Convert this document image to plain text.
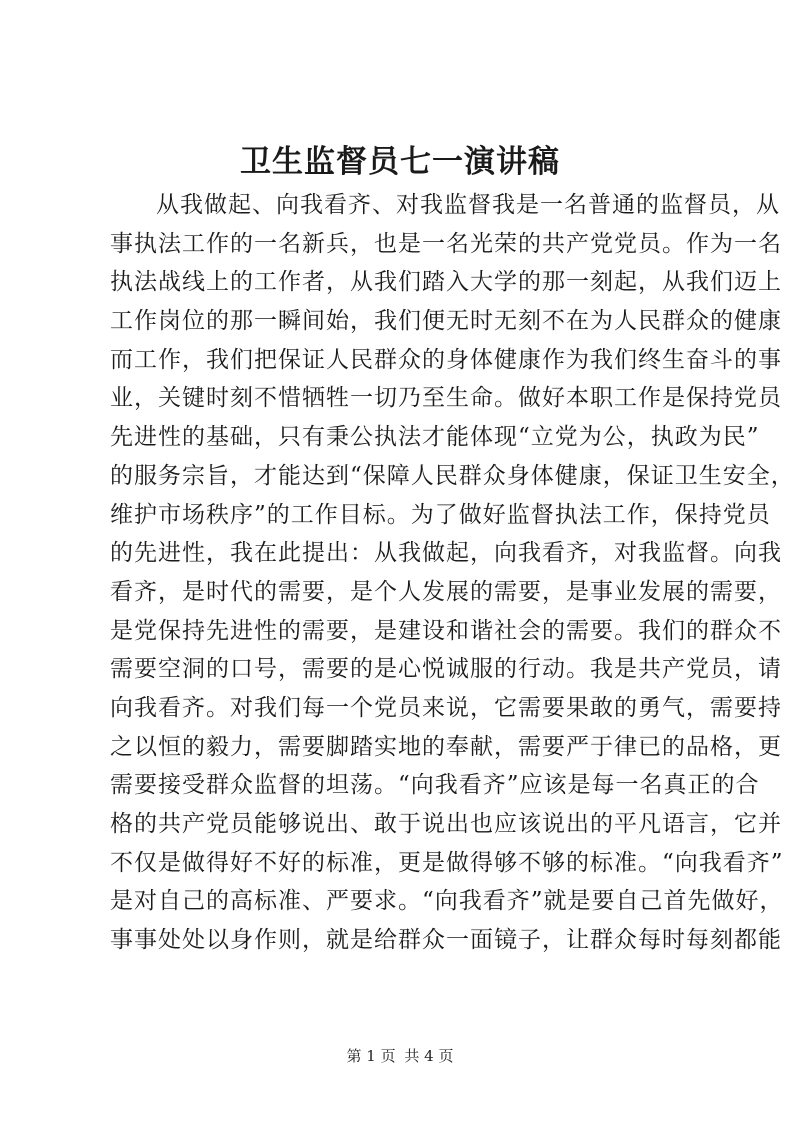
卫生监督员七一演讲稿
从我做起、向我看齐、对我监督我是一名普通的监督员，从
事执法工作的一名新兵，也是一名光荣的共产党党员。作为一名
执法战线上的工作者，从我们踏入大学的那一刻起，从我们迈上
工作岗位的那一瞬间始，我们便无时无刻不在为人民群众的健康
而工作，我们把保证人民群众的身体健康作为我们终生奋斗的事
业，关键时刻不惜牺牲一切乃至生命。做好本职工作是保持党员
先进性的基础，只有秉公执法才能体现“立党为公，执政为民”
的服务宗旨，才能达到“保障人民群众身体健康，保证卫生安全，
维护市场秩序”的工作目标。为了做好监督执法工作，保持党员
的先进性，我在此提出：从我做起，向我看齐，对我监督。向我
看齐，是时代的需要，是个人发展的需要，是事业发展的需要，
是党保持先进性的需要，是建设和谐社会的需要。我们的群众不
需要空洞的口号，需要的是心悦诚服的行动。我是共产党员，请
向我看齐。对我们每一个党员来说，它需要果敢的勇气，需要持
之以恒的毅力，需要脚踏实地的奉献，需要严于律已的品格，更
需要接受群众监督的坦荡。“向我看齐”应该是每一名真正的合
格的共产党员能够说出、敢于说出也应该说出的平凡语言，它并
不仅是做得好不好的标准，更是做得够不够的标准。“向我看齐”
是对自己的高标准、严要求。“向我看齐”就是要自己首先做好，
事事处处以身作则，就是给群众一面镜子，让群众每时每刻都能
第 1 页 共 4 页
